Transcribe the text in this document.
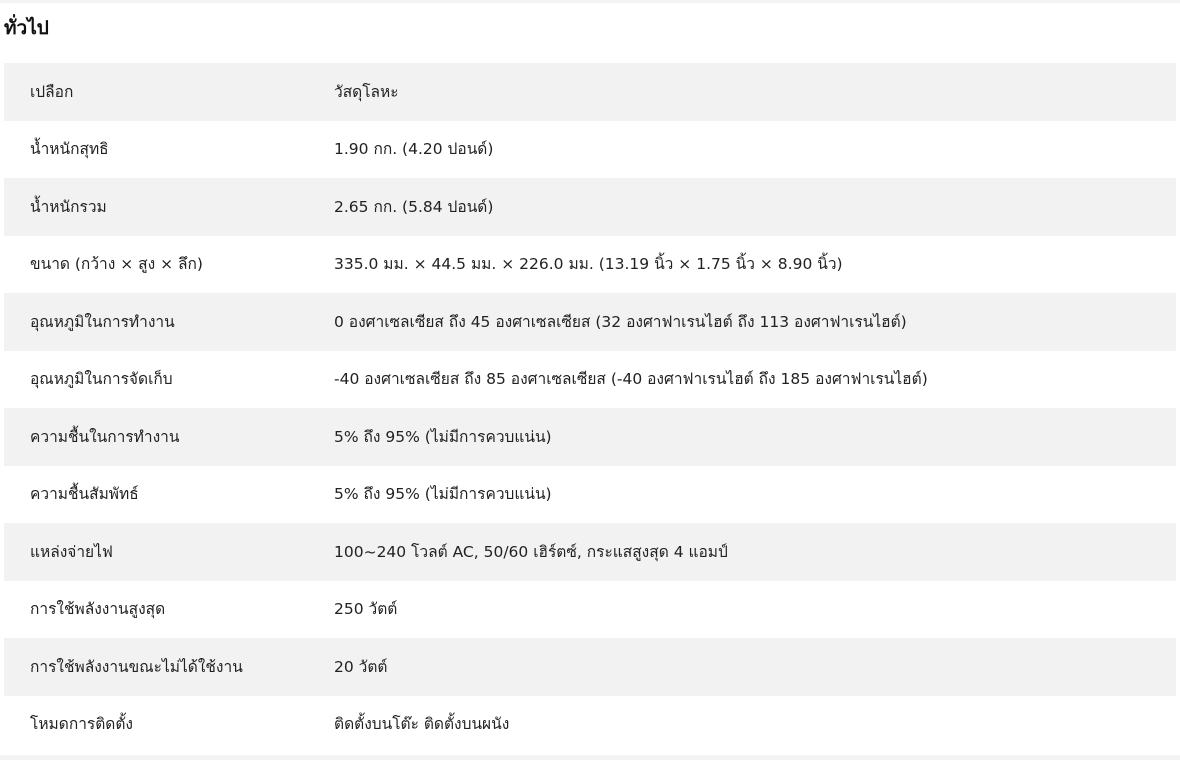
ทั่วไป
เปลือก	วัสดุโลหะ
น้ำหนักสุทธิ	1.90 กก. (4.20 ปอนด์)
น้ำหนักรวม	2.65 กก. (5.84 ปอนด์)
ขนาด (กว้าง × สูง × ลึก)	335.0 มม. × 44.5 มม. × 226.0 มม. (13.19 นิ้ว × 1.75 นิ้ว × 8.90 นิ้ว)
อุณหภูมิในการทำงาน	0 องศาเซลเซียส ถึง 45 องศาเซลเซียส (32 องศาฟาเรนไฮต์ ถึง 113 องศาฟาเรนไฮต์)
อุณหภูมิในการจัดเก็บ	-40 องศาเซลเซียส ถึง 85 องศาเซลเซียส (-40 องศาฟาเรนไฮต์ ถึง 185 องศาฟาเรนไฮต์)
ความชื้นในการทำงาน	5% ถึง 95% (ไม่มีการควบแน่น)
ความชื้นสัมพัทธ์	5% ถึง 95% (ไม่มีการควบแน่น)
แหล่งจ่ายไฟ	100~240 โวลต์ AC, 50/60 เฮิร์ตซ์, กระแสสูงสุด 4 แอมป์
การใช้พลังงานสูงสุด	250 วัตต์
การใช้พลังงานขณะไม่ได้ใช้งาน	20 วัตต์
โหมดการติดตั้ง	ติดตั้งบนโต๊ะ ติดตั้งบนผนัง
